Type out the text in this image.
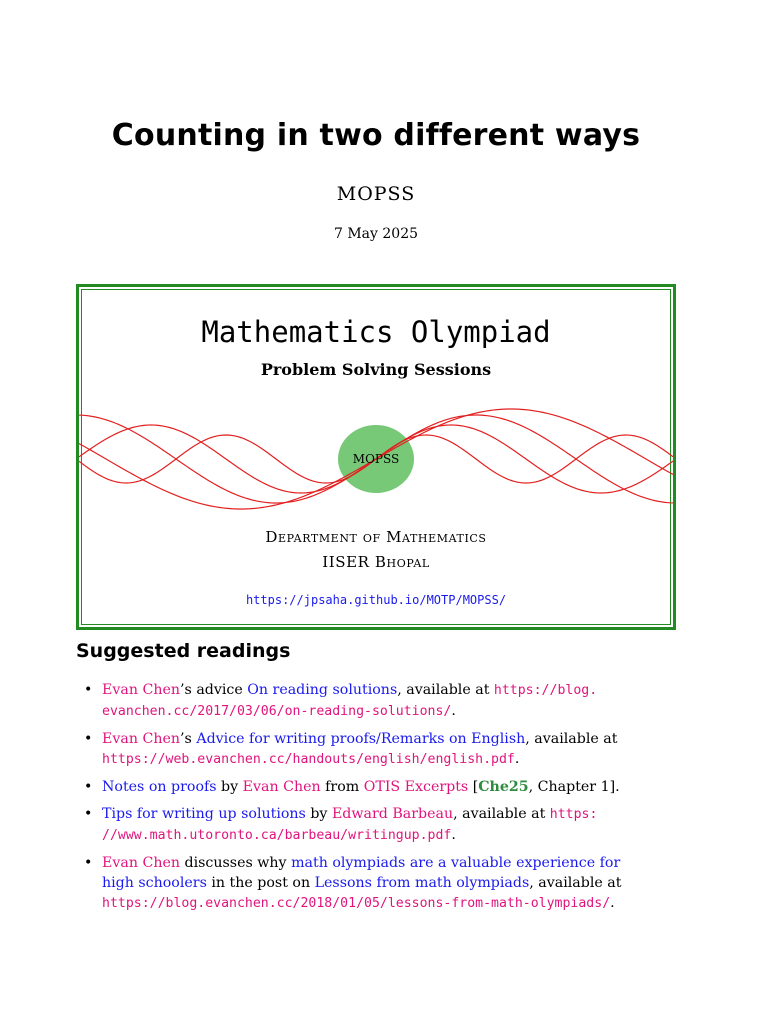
Counting in two different ways
MOPSS
7 May 2025
Mathematics Olympiad
Problem Solving Sessions
MOPSS
Department of Mathematics
IISER Bhopal
https://jpsaha.github.io/MOTP/MOPSS/
Suggested readings
• Evan Chen’s advice On reading solutions, available at https://blog.
evanchen.cc/2017/03/06/on-reading-solutions/.
• Evan Chen’s Advice for writing proofs/Remarks on English, available at
https://web.evanchen.cc/handouts/english/english.pdf.
• Notes on proofs by Evan Chen from OTIS Excerpts [Che25, Chapter 1].
• Tips for writing up solutions by Edward Barbeau, available at https:
//www.math.utoronto.ca/barbeau/writingup.pdf.
• Evan Chen discusses why math olympiads are a valuable experience for
high schoolers in the post on Lessons from math olympiads, available at
https://blog.evanchen.cc/2018/01/05/lessons-from-math-olympiads/.
